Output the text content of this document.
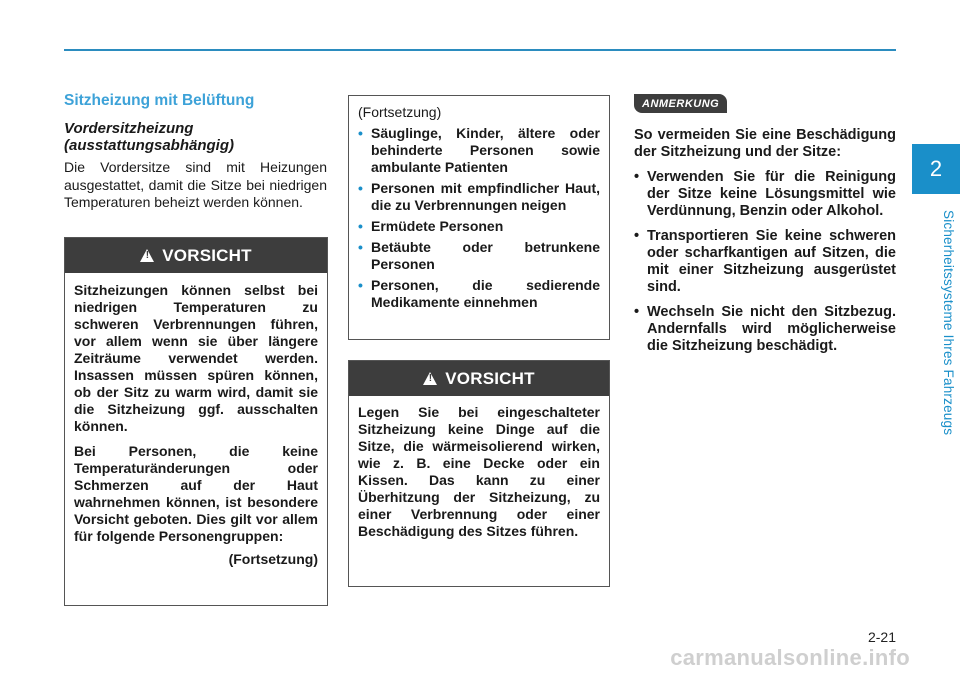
2
Sicherheitssysteme Ihres Fahrzeugs
Sitzheizung mit Belüftung
Vordersitzheizung (ausstattungsabhängig)

Die Vordersitze sind mit Heizungen ausgestattet, damit die Sitze bei niedrigen Temperaturen beheizt werden können.

!
VORSICHT

Sitzheizungen können selbst bei niedrigen Temperaturen zu schweren Verbrennungen führen, vor allem wenn sie über längere Zeiträume verwendet werden. Insassen müssen spüren können, ob der Sitz zu warm wird, damit sie die Sitzheizung ggf. ausschalten können.

Bei Personen, die keine Temperaturänderungen oder Schmerzen auf der Haut wahrnehmen können, ist besondere Vorsicht geboten. Dies gilt vor allem für folgende Personengruppen:

(Fortsetzung)
(Fortsetzung)
• Säuglinge, Kinder, ältere oder behinderte Personen sowie ambulante Patienten
• Personen mit empfindlicher Haut, die zu Verbrennungen neigen
• Ermüdete Personen
• Betäubte oder betrunkene Personen
• Personen, die sedierende Medikamente einnehmen
!
VORSICHT

Legen Sie bei eingeschalteter Sitzheizung keine Dinge auf die Sitze, die wärmeisolierend wirken, wie z. B. eine Decke oder ein Kissen. Das kann zu einer Überhitzung der Sitzheizung, zu einer Verbrennung oder einer Beschädigung des Sitzes führen.

ANMERKUNG

So vermeiden Sie eine Beschädigung der Sitzheizung und der Sitze:

• Verwenden Sie für die Reinigung der Sitze keine Lösungsmittel wie Verdünnung, Benzin oder Alkohol.
• Transportieren Sie keine schweren oder scharfkantigen auf Sitzen, die mit einer Sitzheizung ausgerüstet sind.
• Wechseln Sie nicht den Sitzbezug. Andernfalls wird möglicherweise die Sitzheizung beschädigt.
2-21
carmanualsonline.info
